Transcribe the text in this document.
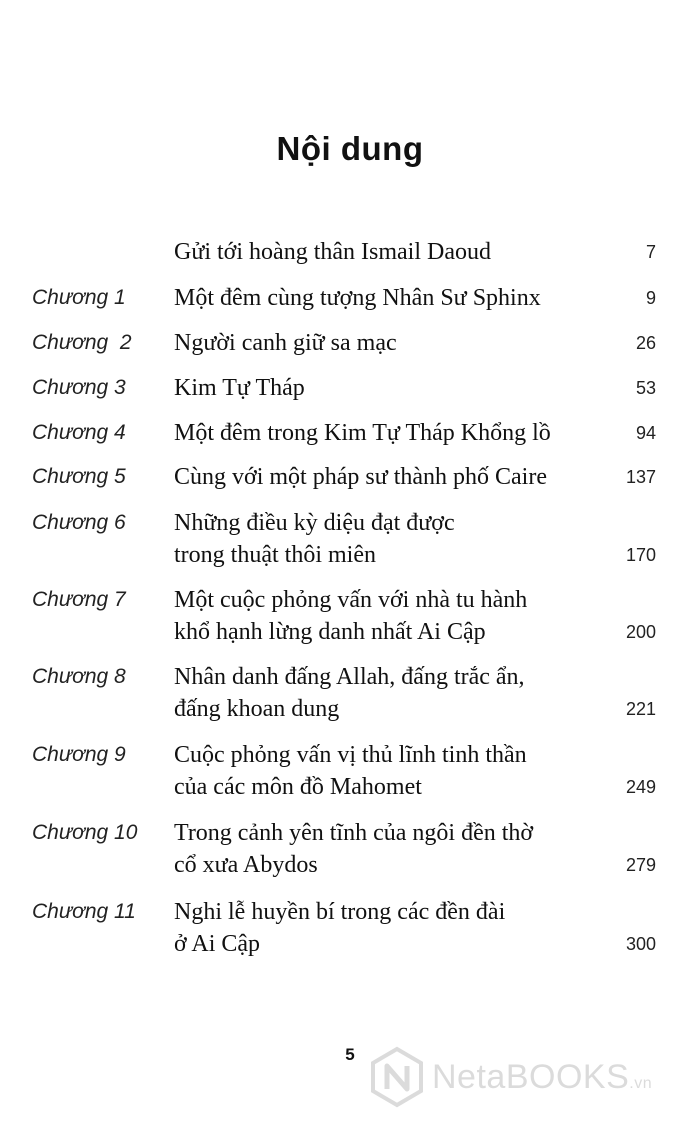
Nội dung
Gửi tới hoàng thân Ismail Daoud	7
Chương 1 Một đêm cùng tượng Nhân Sư Sphinx	9
Chương  2 Người canh giữ sa mạc	26
Chương 3 Kim Tự Tháp	53
Chương 4 Một đêm trong Kim Tự Tháp Khổng lồ	94
Chương 5 Cùng với một pháp sư thành phố Caire	137
Chương 6 Những điều kỳ diệu đạt được
trong thuật thôi miên	170
Chương 7 Một cuộc phỏng vấn với nhà tu hành
khổ hạnh lừng danh nhất Ai Cập	200
Chương 8 Nhân danh đấng Allah, đấng trắc ẩn,
đấng khoan dung	221
Chương 9 Cuộc phỏng vấn vị thủ lĩnh tinh thần
của các môn đồ Mahomet	249
Chương 10 Trong cảnh yên tĩnh của ngôi đền thờ
cổ xưa Abydos	279
Chương 11 Nghi lễ huyền bí trong các đền đài
ở Ai Cập	300
5
NetaBOOKS.vn
